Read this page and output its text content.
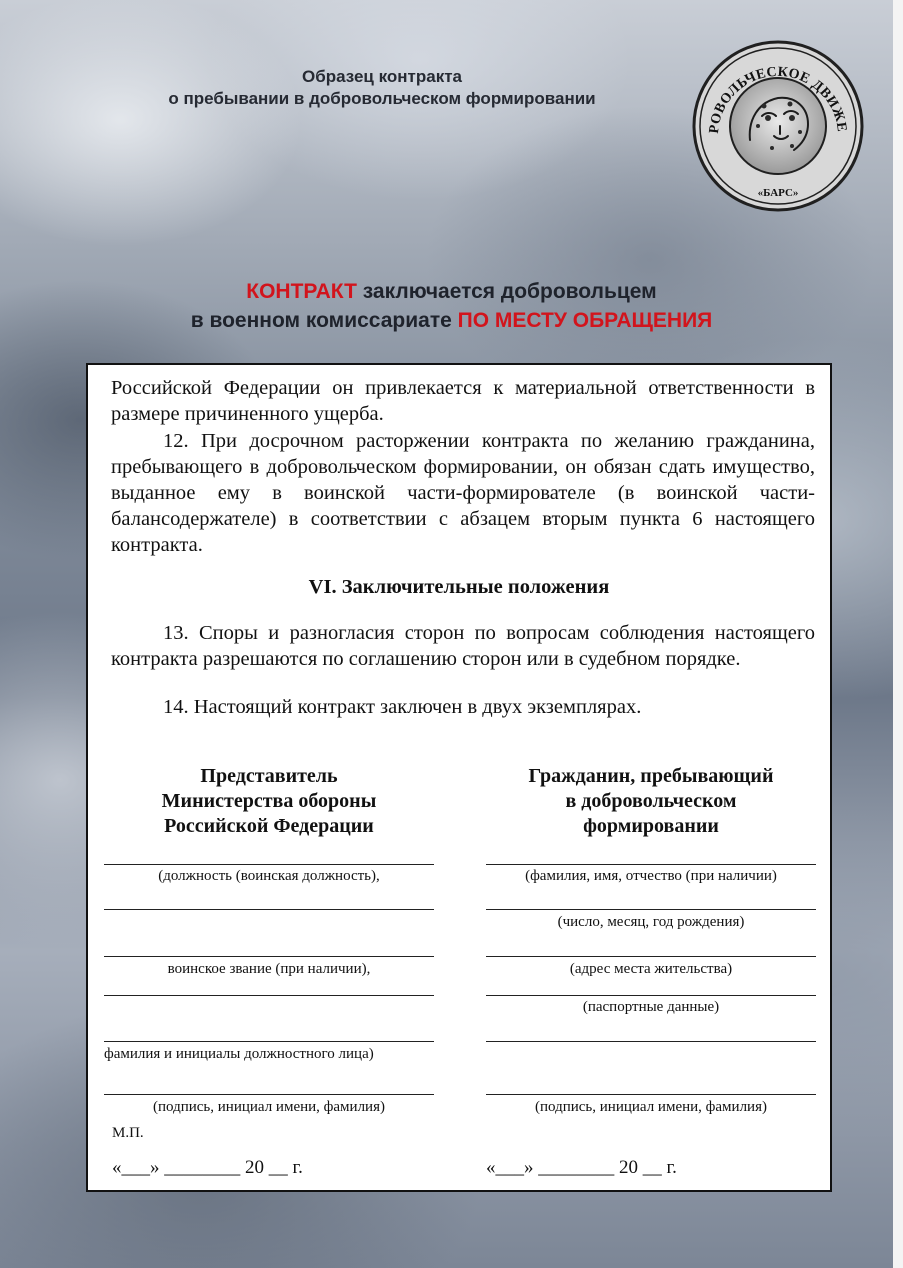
Образец контракта
о пребывании в добровольческом формировании
РОВОЛЬЧЕСКОЕ ДВИЖЕ
«БАРС»
КОНТРАКТ заключается добровольцем
в военном комиссариате ПО МЕСТУ ОБРАЩЕНИЯ

Российской Федерации он привлекается к материальной ответственности в размере причиненного ущерба.

12. При досрочном расторжении контракта по желанию гражданина, пребывающего в добровольческом формировании, он обязан сдать имущество, выданное ему в воинской части-формирователе (в воинской части-балансодержателе) в соответствии с абзацем вторым пункта 6 настоящего контракта.

VI. Заключительные положения

13. Споры и разногласия сторон по вопросам соблюдения настоящего контракта разрешаются по соглашению сторон или в судебном порядке.

14. Настоящий контракт заключен в двух экземплярах.

Представитель
Министерства обороны
Российской Федерации
(должность (воинская должность),
воинское звание (при наличии),
фамилия и инициалы должностного лица)
(подпись, инициал имени, фамилия)
М.П.
«___» ________ 20 __ г.
Гражданин, пребывающий
в добровольческом
формировании
(фамилия, имя, отчество (при наличии)
(число, месяц, год рождения)
(адрес места жительства)
(паспортные данные)
(подпись, инициал имени, фамилия)
«___» ________ 20 __ г.
